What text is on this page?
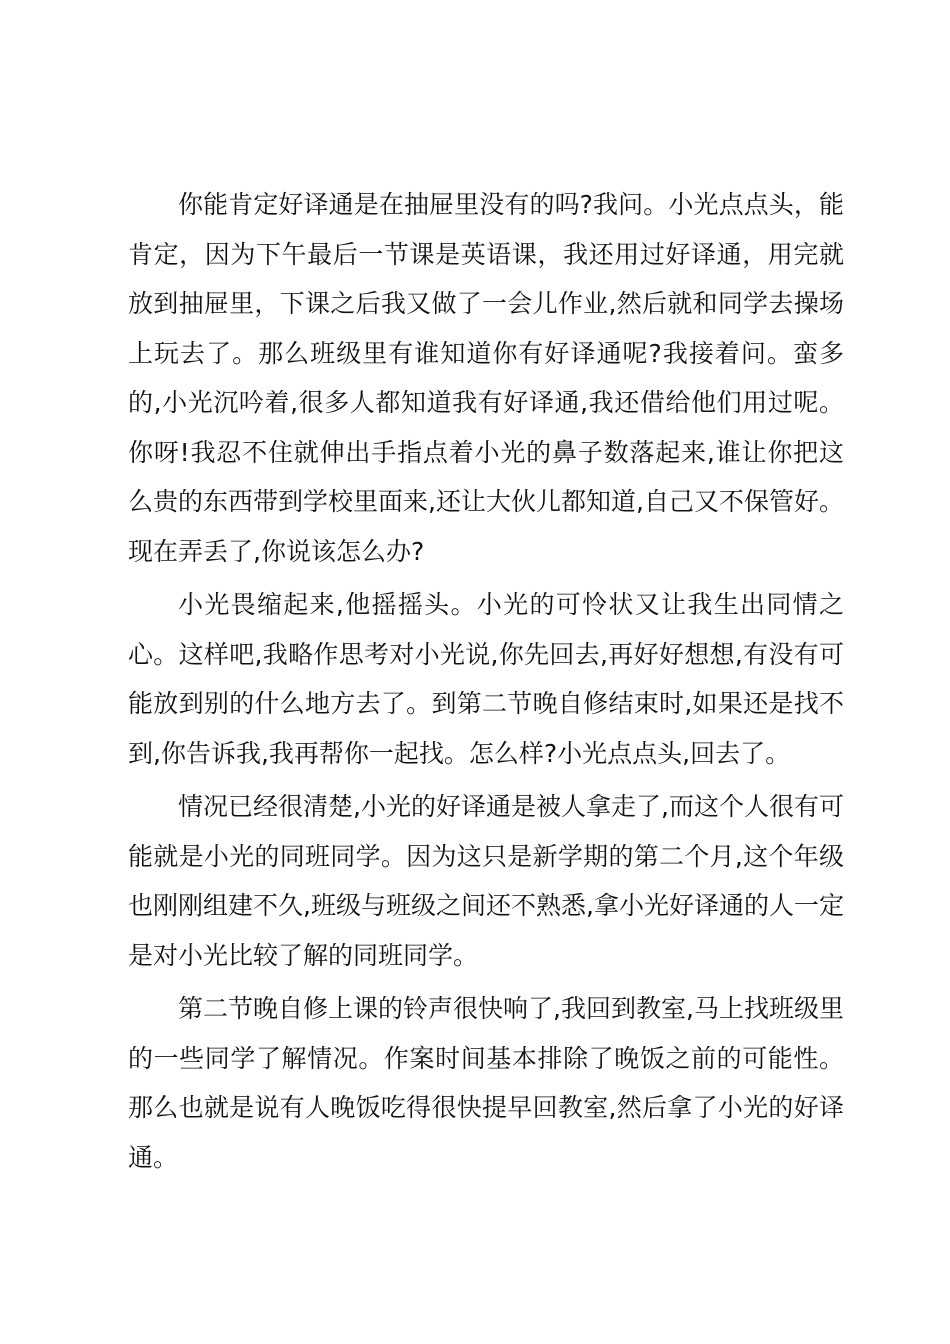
你能肯定好译通是在抽屉里没有的吗?我问。小光点点头，能肯定，因为下午最后一节课是英语课，我还用过好译通，用完就放到抽屉里，下课之后我又做了一会儿作业,然后就和同学去操场上玩去了。那么班级里有谁知道你有好译通呢?我接着问。蛮多的,小光沉吟着,很多人都知道我有好译通,我还借给他们用过呢。你呀!我忍不住就伸出手指点着小光的鼻子数落起来,谁让你把这么贵的东西带到学校里面来,还让大伙儿都知道,自己又不保管好。现在弄丢了,你说该怎么办?

小光畏缩起来,他摇摇头。小光的可怜状又让我生出同情之心。这样吧,我略作思考对小光说,你先回去,再好好想想,有没有可能放到别的什么地方去了。到第二节晚自修结束时,如果还是找不到,你告诉我,我再帮你一起找。怎么样?小光点点头,回去了。

情况已经很清楚,小光的好译通是被人拿走了,而这个人很有可能就是小光的同班同学。因为这只是新学期的第二个月,这个年级也刚刚组建不久,班级与班级之间还不熟悉,拿小光好译通的人一定是对小光比较了解的同班同学。

第二节晚自修上课的铃声很快响了,我回到教室,马上找班级里的一些同学了解情况。作案时间基本排除了晚饭之前的可能性。那么也就是说有人晚饭吃得很快提早回教室,然后拿了小光的好译通。
